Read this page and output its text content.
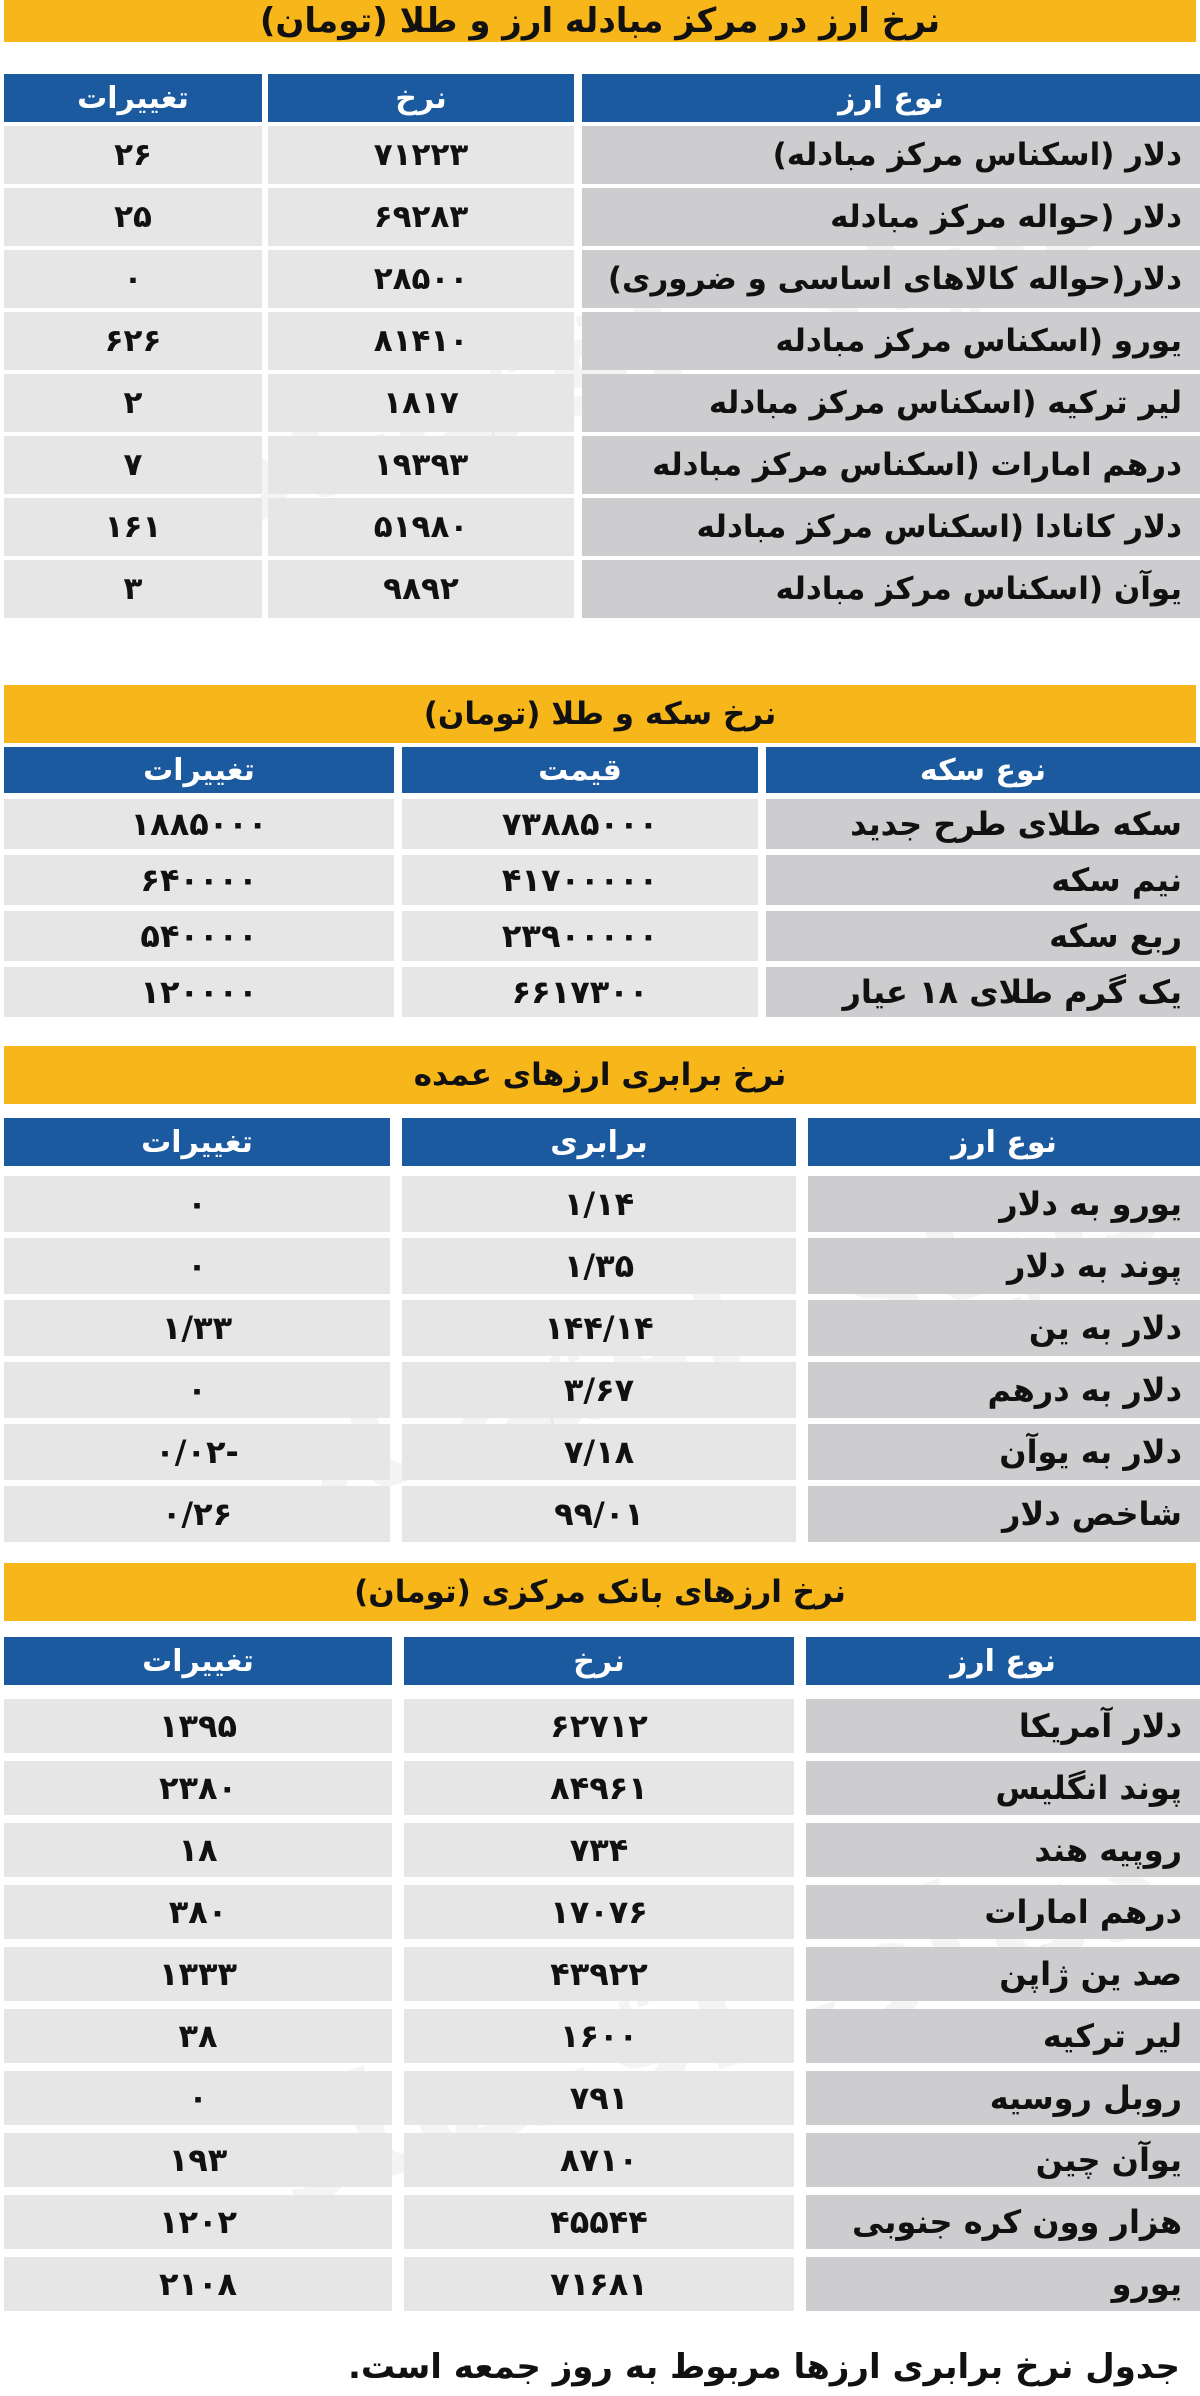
نرخ ارز در مرکز مبادله ارز و طلا (تومان)
نوع ارز
نرخ
تغییرات
دلار (اسکناس مرکز مبادله)
۷۱۲۲۳
۲۶
دلار (حواله مرکز مبادله
۶۹۲۸۳
۲۵
دلار(حواله کالاهای اساسی و ضروری)
۲۸۵۰۰
۰
یورو (اسکناس مرکز مبادله
۸۱۴۱۰
۶۲۶
لیر ترکیه (اسکناس مرکز مبادله
۱۸۱۷
۲
درهم امارات (اسکناس مرکز مبادله
۱۹۳۹۳
۷
دلار کانادا (اسکناس مرکز مبادله
۵۱۹۸۰
۱۶۱
یوآن (اسکناس مرکز مبادله
۹۸۹۲
۳
نرخ سکه و طلا (تومان)
نوع سکه
قیمت
تغییرات
سکه طلای طرح جدید
۷۳۸۸۵۰۰۰
۱۸۸۵۰۰۰
نیم سکه
۴۱۷۰۰۰۰۰
۶۴۰۰۰۰
ربع سکه
۲۳۹۰۰۰۰۰
۵۴۰۰۰۰
یک گرم طلای ۱۸ عیار
۶۶۱۷۳۰۰
۱۲۰۰۰۰
نرخ برابری ارزهای عمده
نوع ارز
برابری
تغییرات
یورو به دلار
۱/۱۴
۰
پوند به دلار
۱/۳۵
۰
دلار به ین
۱۴۴/۱۴
۱/۳۳
دلار به درهم
۳/۶۷
۰
دلار به یوآن
۷/۱۸
-۰/۰۲
شاخص دلار
۹۹/۰۱
۰/۲۶
نرخ ارزهای بانک مرکزی (تومان)
نوع ارز
نرخ
تغییرات
دلار آمریکا
۶۲۷۱۲
۱۳۹۵
پوند انگلیس
۸۴۹۶۱
۲۳۸۰
روپیه هند
۷۳۴
۱۸
درهم امارات
۱۷۰۷۶
۳۸۰
صد ین ژاپن
۴۳۹۲۲
۱۳۳۳
لیر ترکیه
۱۶۰۰
۳۸
روبل روسیه
۷۹۱
۰
یوآن چین
۸۷۱۰
۱۹۳
هزار وون کره جنوبی
۴۵۵۴۴
۱۲۰۲
یورو
۷۱۶۸۱
۲۱۰۸
جدول نرخ برابری ارزها مربوط به روز جمعه است.
